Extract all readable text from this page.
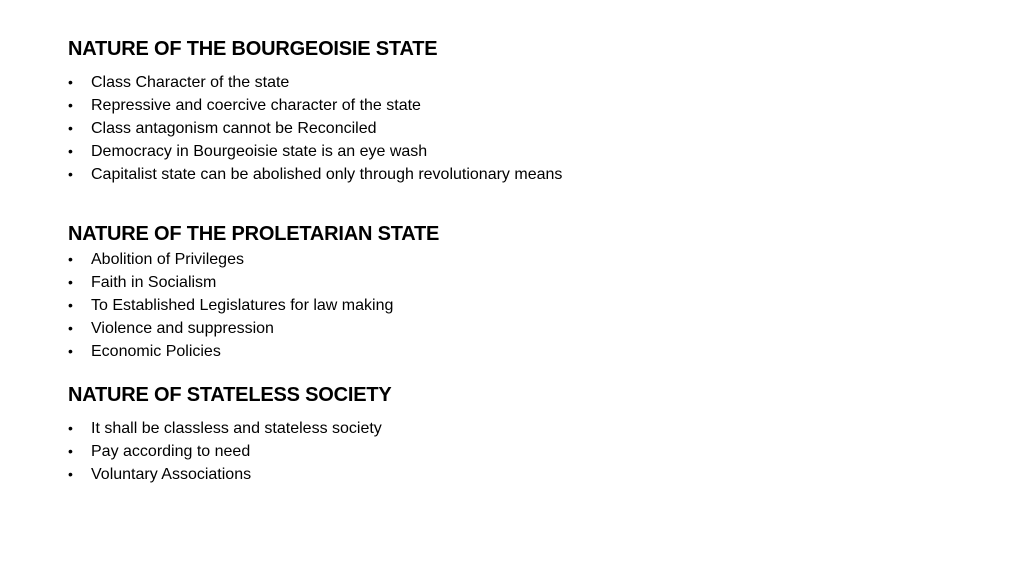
NATURE OF THE BOURGEOISIE STATE
•	Class Character of the state
•	Repressive and coercive character of the state
•	Class antagonism cannot be Reconciled
•	Democracy in Bourgeoisie state is an eye wash
•	Capitalist state can be abolished only through revolutionary means
NATURE OF THE PROLETARIAN STATE
•	Abolition of Privileges
•	Faith in Socialism
•	To Established Legislatures for law making
•	Violence and suppression
•	Economic Policies
NATURE OF STATELESS SOCIETY
•	It shall be classless and stateless society
•	Pay according to need
•	Voluntary Associations
